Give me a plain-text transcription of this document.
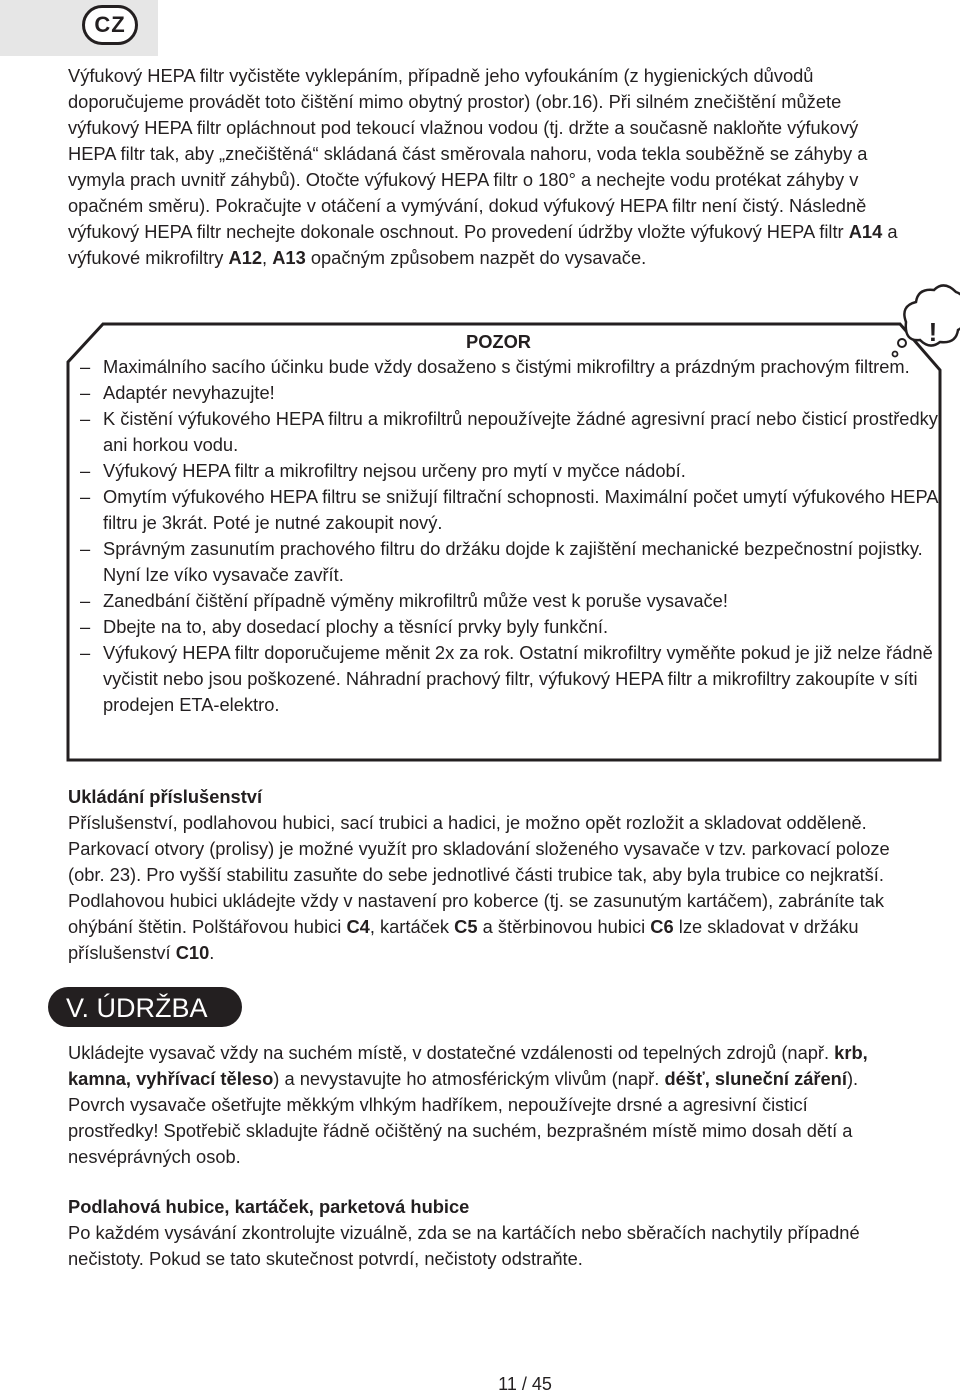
CZ

Výfukový HEPA filtr vyčistěte vyklepáním, případně jeho vyfoukáním (z hygienických důvodů doporučujeme provádět toto čištění mimo obytný prostor) (obr.16). Při silném znečištění můžete výfukový HEPA filtr opláchnout pod tekoucí vlažnou vodou (tj. držte a současně nakloňte výfukový HEPA filtr tak, aby „znečištěná“ skládaná část směrovala nahoru, voda tekla souběžně se záhyby a vymyla prach uvnitř záhybů). Otočte výfukový HEPA filtr o 180° a nechejte vodu protékat záhyby v opačném směru). Pokračujte v otáčení a vymývání, dokud výfukový HEPA filtr není čistý. Následně výfukový HEPA filtr nechejte dokonale oschnout. Po provedení údržby vložte výfukový HEPA filtr A14 a výfukové mikrofiltry A12, A13 opačným způsobem nazpět do vysavače.

!
POZOR
– Maximálního sacího účinku bude vždy dosaženo s čistými mikrofiltry a prázdným prachovým filtrem.
– Adaptér nevyhazujte!
– K čistění výfukového HEPA filtru a mikrofiltrů nepoužívejte žádné agresivní prací nebo čisticí prostředky ani horkou vodu.
– Výfukový HEPA filtr a mikrofiltry nejsou určeny pro mytí v myčce nádobí.
– Omytím výfukového HEPA filtru se snižují filtrační schopnosti. Maximální počet umytí výfukového HEPA filtru je 3krát. Poté je nutné zakoupit nový.
– Správným zasunutím prachového filtru do držáku dojde k zajištění mechanické bezpečnostní pojistky. Nyní lze víko vysavače zavřít.
– Zanedbání čištění případně výměny mikrofiltrů může vest k poruše vysavače!
– Dbejte na to, aby dosedací plochy a těsnící prvky byly funkční.
– Výfukový HEPA filtr doporučujeme měnit 2x za rok. Ostatní mikrofiltry vyměňte pokud je již nelze řádně vyčistit nebo jsou poškozené. Náhradní prachový filtr, výfukový HEPA filtr a mikrofiltry zakoupíte v síti prodejen ETA-elektro.
Ukládání příslušenství

Příslušenství, podlahovou hubici, sací trubici a hadici, je možno opět rozložit a skladovat odděleně. Parkovací otvory (prolisy) je možné využít pro skladování složeného vysavače v tzv. parkovací poloze (obr. 23). Pro vyšší stabilitu zasuňte do sebe jednotlivé části trubice tak, aby byla trubice co nejkratší. Podlahovou hubici ukládejte vždy v nastavení pro koberce (tj. se zasunutým kartáčem), zabráníte tak ohýbání štětin. Polštářovou hubici C4, kartáček C5 a štěrbinovou hubici C6 lze skladovat v držáku příslušenství C10.

V. ÚDRŽBA

Ukládejte vysavač vždy na suchém místě, v dostatečné vzdálenosti od tepelných zdrojů (např. krb, kamna, vyhřívací těleso) a nevystavujte ho atmosférickým vlivům (např. déšť, sluneční záření). Povrch vysavače ošetřujte měkkým vlhkým hadříkem, nepoužívejte drsné a agresivní čisticí prostředky! Spotřebič skladujte řádně očištěný na suchém, bezprašném místě mimo dosah dětí a nesvéprávných osob.

Podlahová hubice, kartáček, parketová hubice

Po každém vysávání zkontrolujte vizuálně, zda se na kartáčích nebo sběračích nachytily případné nečistoty. Pokud se tato skutečnost potvrdí, nečistoty odstraňte.

11 / 45
